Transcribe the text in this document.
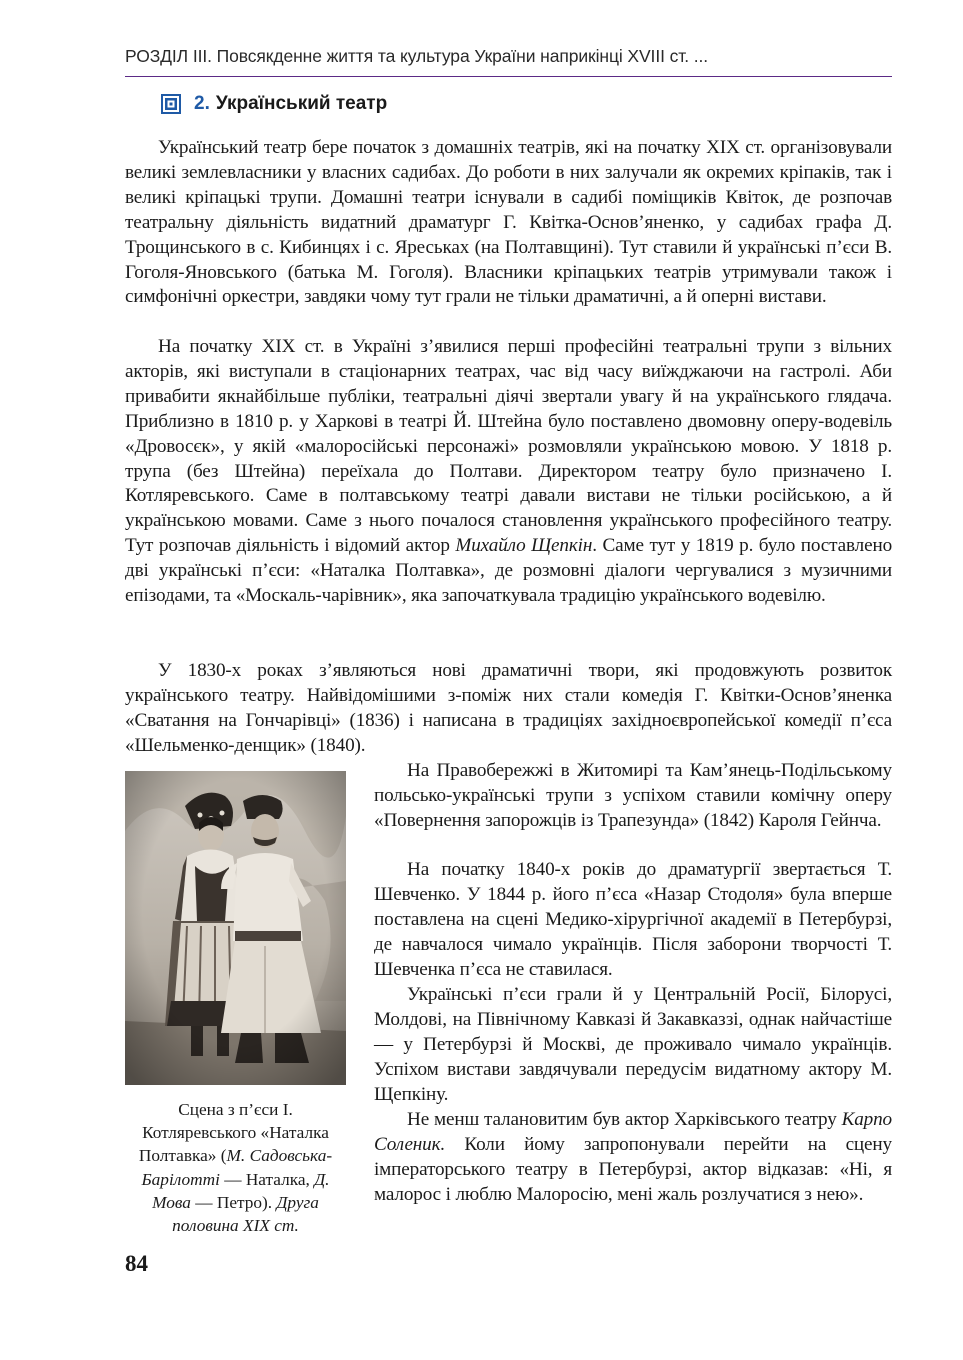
РОЗДІЛ ІІІ. Повсякденне життя та культура України наприкінці XVIII ст. ...
2. Український театр

Український театр бере початок з домашніх театрів, які на початку XIX ст. організовували великі землевласники у власних садибах. До роботи в них залучали як окремих кріпаків, так і великі кріпацькі трупи. Домашні театри існували в садибі поміщиків Квіток, де розпочав театральну діяльність видатний драматург Г. Квітка-Основ’яненко, у садибах графа Д. Трощинського в с. Кибинцях і с. Яреськах (на Полтавщині). Тут ставили й українські п’єси В. Гоголя-Яновського (батька М. Гоголя). Власники кріпацьких театрів утримували також і симфонічні оркестри, завдяки чому тут грали не тільки драматичні, а й оперні вистави.

На початку XIX ст. в Україні з’явилися перші професійні театральні трупи з вільних акторів, які виступали в стаціонарних театрах, час від часу виїжджаючи на гастролі. Аби привабити якнайбільше публіки, театральні діячі звертали увагу й на українського глядача. Приблизно в 1810 р. у Харкові в театрі Й. Штейна було поставлено двомовну оперу-водевіль «Дровосєк», у якій «малоросійські персонажі» розмовляли українською мовою. У 1818 р. трупа (без Штейна) переїхала до Полтави. Директором театру було призначено І. Котляревського. Саме в полтавському театрі давали вистави не тільки російською, а й українською мовами. Саме з нього почалося становлення українського професійного театру. Тут розпочав діяльність і відомий актор Михайло Щепкін. Саме тут у 1819 р. було поставлено дві українські п’єси: «Наталка Полтавка», де розмовні діалоги чергувалися з музичними епізодами, та «Москаль-чарівник», яка започаткувала традицію українського водевілю.

У 1830-х роках з’являються нові драматичні твори, які продовжують розвиток українського театру. Найвідомішими з-поміж них стали комедія Г. Квітки-Основ’яненка «Сватання на Гончарівці» (1836) і написана в традиціях західноєвропейської комедії п’єса «Шельменко-денщик» (1840).

На Правобережжі в Житомирі та Кам’янець-Подільському польсько-українські трупи з успіхом ставили комічну оперу «Повернення запорожців із Трапезунда» (1842) Кароля Гейнча.

На початку 1840-х років до драматургії звертається Т. Шевченко. У 1844 р. його п’єса «Назар Стодоля» була вперше поставлена на сцені Медико-хірургічної академії в Петербурзі, де навчалося чимало українців. Після заборони творчості Т. Шевченка п’єса не ставилася.

Українські п’єси грали й у Центральній Росії, Білорусі, Молдові, на Північному Кавказі й Закавказзі, однак найчастіше — у Петербурзі й Москві, де проживало чимало українців. Успіхом вистави завдячували передусім видатному актору М. Щепкіну.

Не менш талановитим був актор Харківського театру Карпо Соленик. Коли йому запропонували перейти на сцену імператорського театру в Петербурзі, актор відказав: «Ні, я малорос і люблю Малоросію, мені жаль розлучатися з нею».

Сцена з п’єси І. Котляревського «Наталка Полтавка» (М. Садовська-Барілотті — Наталка, Д. Мова — Петро). Друга половина XIX ст.

84
